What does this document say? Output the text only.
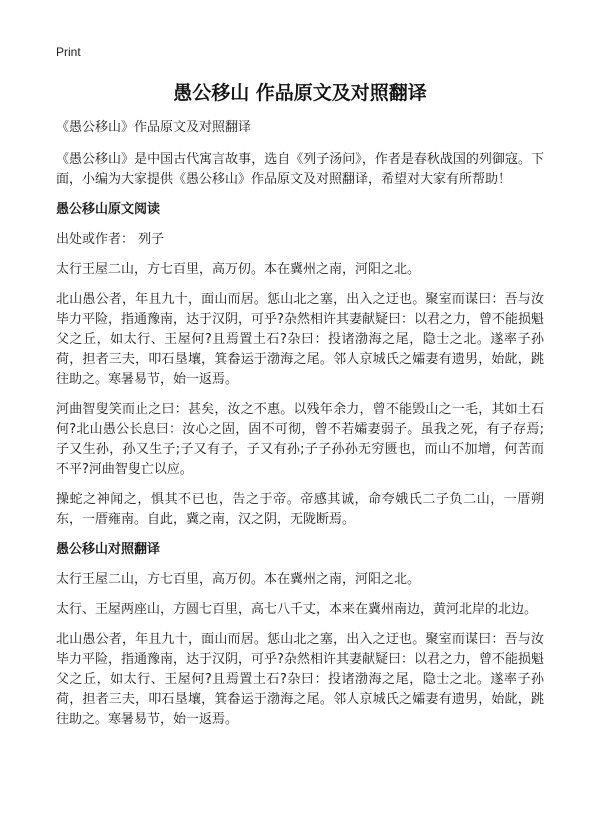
Print
愚公移山 作品原文及对照翻译
《愚公移山》作品原文及对照翻译
《愚公移山》是中国古代寓言故事，选自《列子汤问》，作者是春秋战国的列御寇。下面，小编为大家提供《愚公移山》作品原文及对照翻译，希望对大家有所帮助！
愚公移山原文阅读
出处或作者： 列子
太行王屋二山，方七百里，高万仞。本在冀州之南，河阳之北。
北山愚公者，年且九十，面山而居。惩山北之塞，出入之迂也。聚室而谋曰：吾与汝毕力平险，指通豫南，达于汉阴，可乎?杂然相许其妻献疑曰：以君之力，曾不能损魁父之丘，如太行、王屋何?且焉置土石?杂曰：投诸渤海之尾，隐士之北。遂率子孙荷，担者三夫，叩石垦壤，箕畚运于渤海之尾。邻人京城氏之孀妻有遗男，始龀，跳往助之。寒暑易节，始一返焉。
河曲智叟笑而止之曰：甚矣，汝之不惠。以残年余力，曾不能毁山之一毛，其如土石何?北山愚公长息曰：汝心之固，固不可彻，曾不若孀妻弱子。虽我之死，有子存焉;子又生孙，孙又生子;子又有子，子又有孙;子子孙孙无穷匮也，而山不加增，何苦而不平?河曲智叟亡以应。
操蛇之神闻之，惧其不已也，告之于帝。帝感其诚，命夸娥氏二子负二山，一厝朔东，一厝雍南。自此，冀之南，汉之阴，无陇断焉。
愚公移山对照翻译
太行王屋二山，方七百里，高万仞。本在冀州之南，河阳之北。
太行、王屋两座山，方圆七百里，高七八千丈，本来在冀州南边，黄河北岸的北边。
北山愚公者，年且九十，面山而居。惩山北之塞，出入之迂也。聚室而谋曰：吾与汝毕力平险，指通豫南，达于汉阴，可乎?杂然相许其妻献疑曰：以君之力，曾不能损魁父之丘，如太行、王屋何?且焉置土石?杂曰：投诸渤海之尾，隐士之北。遂率子孙荷，担者三夫，叩石垦壤，箕畚运于渤海之尾。邻人京城氏之孀妻有遗男，始龀，跳往助之。寒暑易节，始一返焉。
